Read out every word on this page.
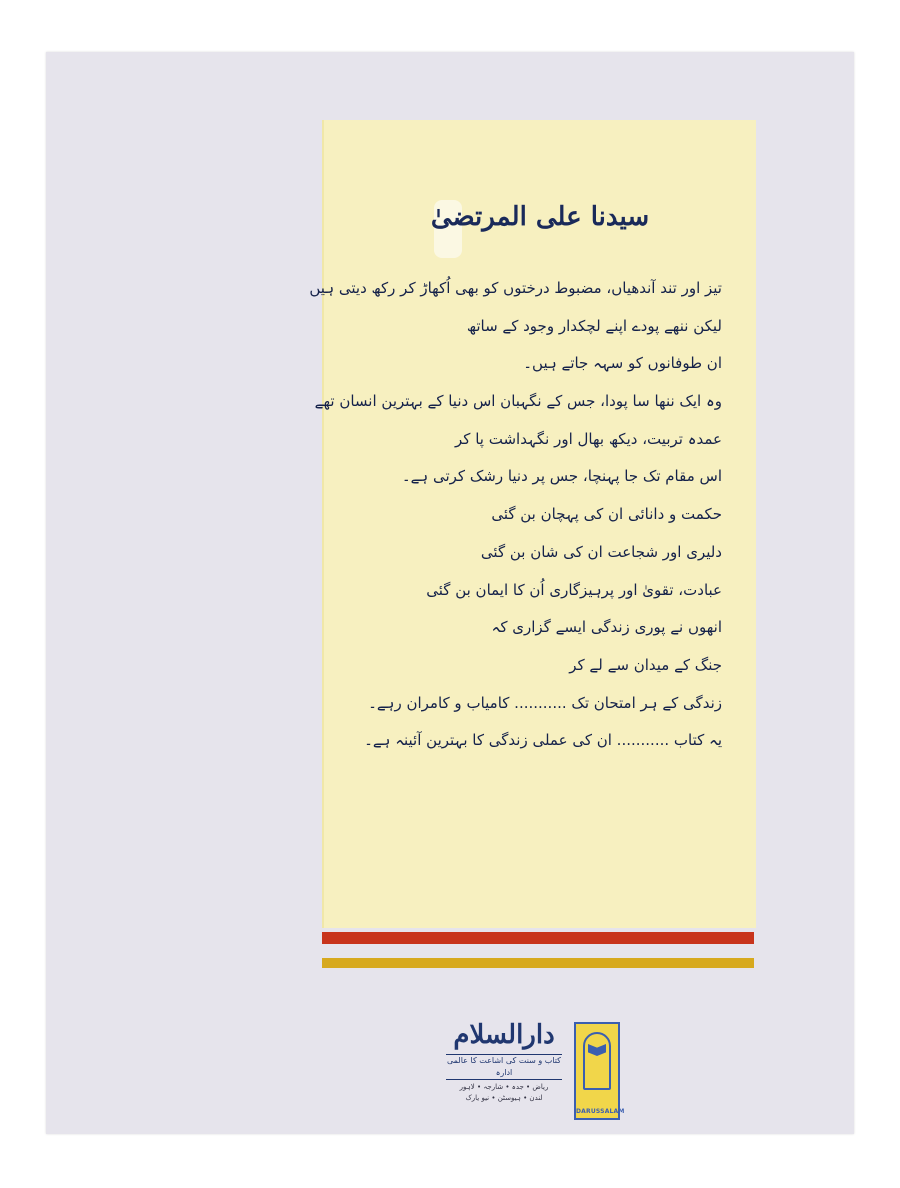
سیدنا علی المرتضیٰ
تیز اور تند آندھیاں، مضبوط درختوں کو بھی اُکھاڑ کر رکھ دیتی ہیں
لیکن ننھے پودے اپنے لچکدار وجود کے ساتھ
ان طوفانوں کو سہہ جاتے ہیں۔
وہ ایک ننھا سا پودا، جس کے نگہبان اس دنیا کے بہترین انسان تھے
عمدہ تربیت، دیکھ بھال اور نگہداشت پا کر
اس مقام تک جا پہنچا، جس پر دنیا رشک کرتی ہے۔
حکمت و دانائی ان کی پہچان بن گئی
دلیری اور شجاعت ان کی شان بن گئی
عبادت، تقویٰ اور پرہیزگاری اُن کا ایمان بن گئی
انھوں نے پوری زندگی ایسے گزاری کہ
جنگ کے میدان سے لے کر
زندگی کے ہر امتحان تک ........... کامیاب و کامران رہے۔
یہ کتاب ........... ان کی عملی زندگی کا بہترین آئینہ ہے۔
دارالسلام
کتاب و سنت کی اشاعت کا عالمی ادارہ
ریاض • جدہ • شارجہ • لاہور
لندن • ہیوسٹن • نیو یارک
DARUSSALAM
